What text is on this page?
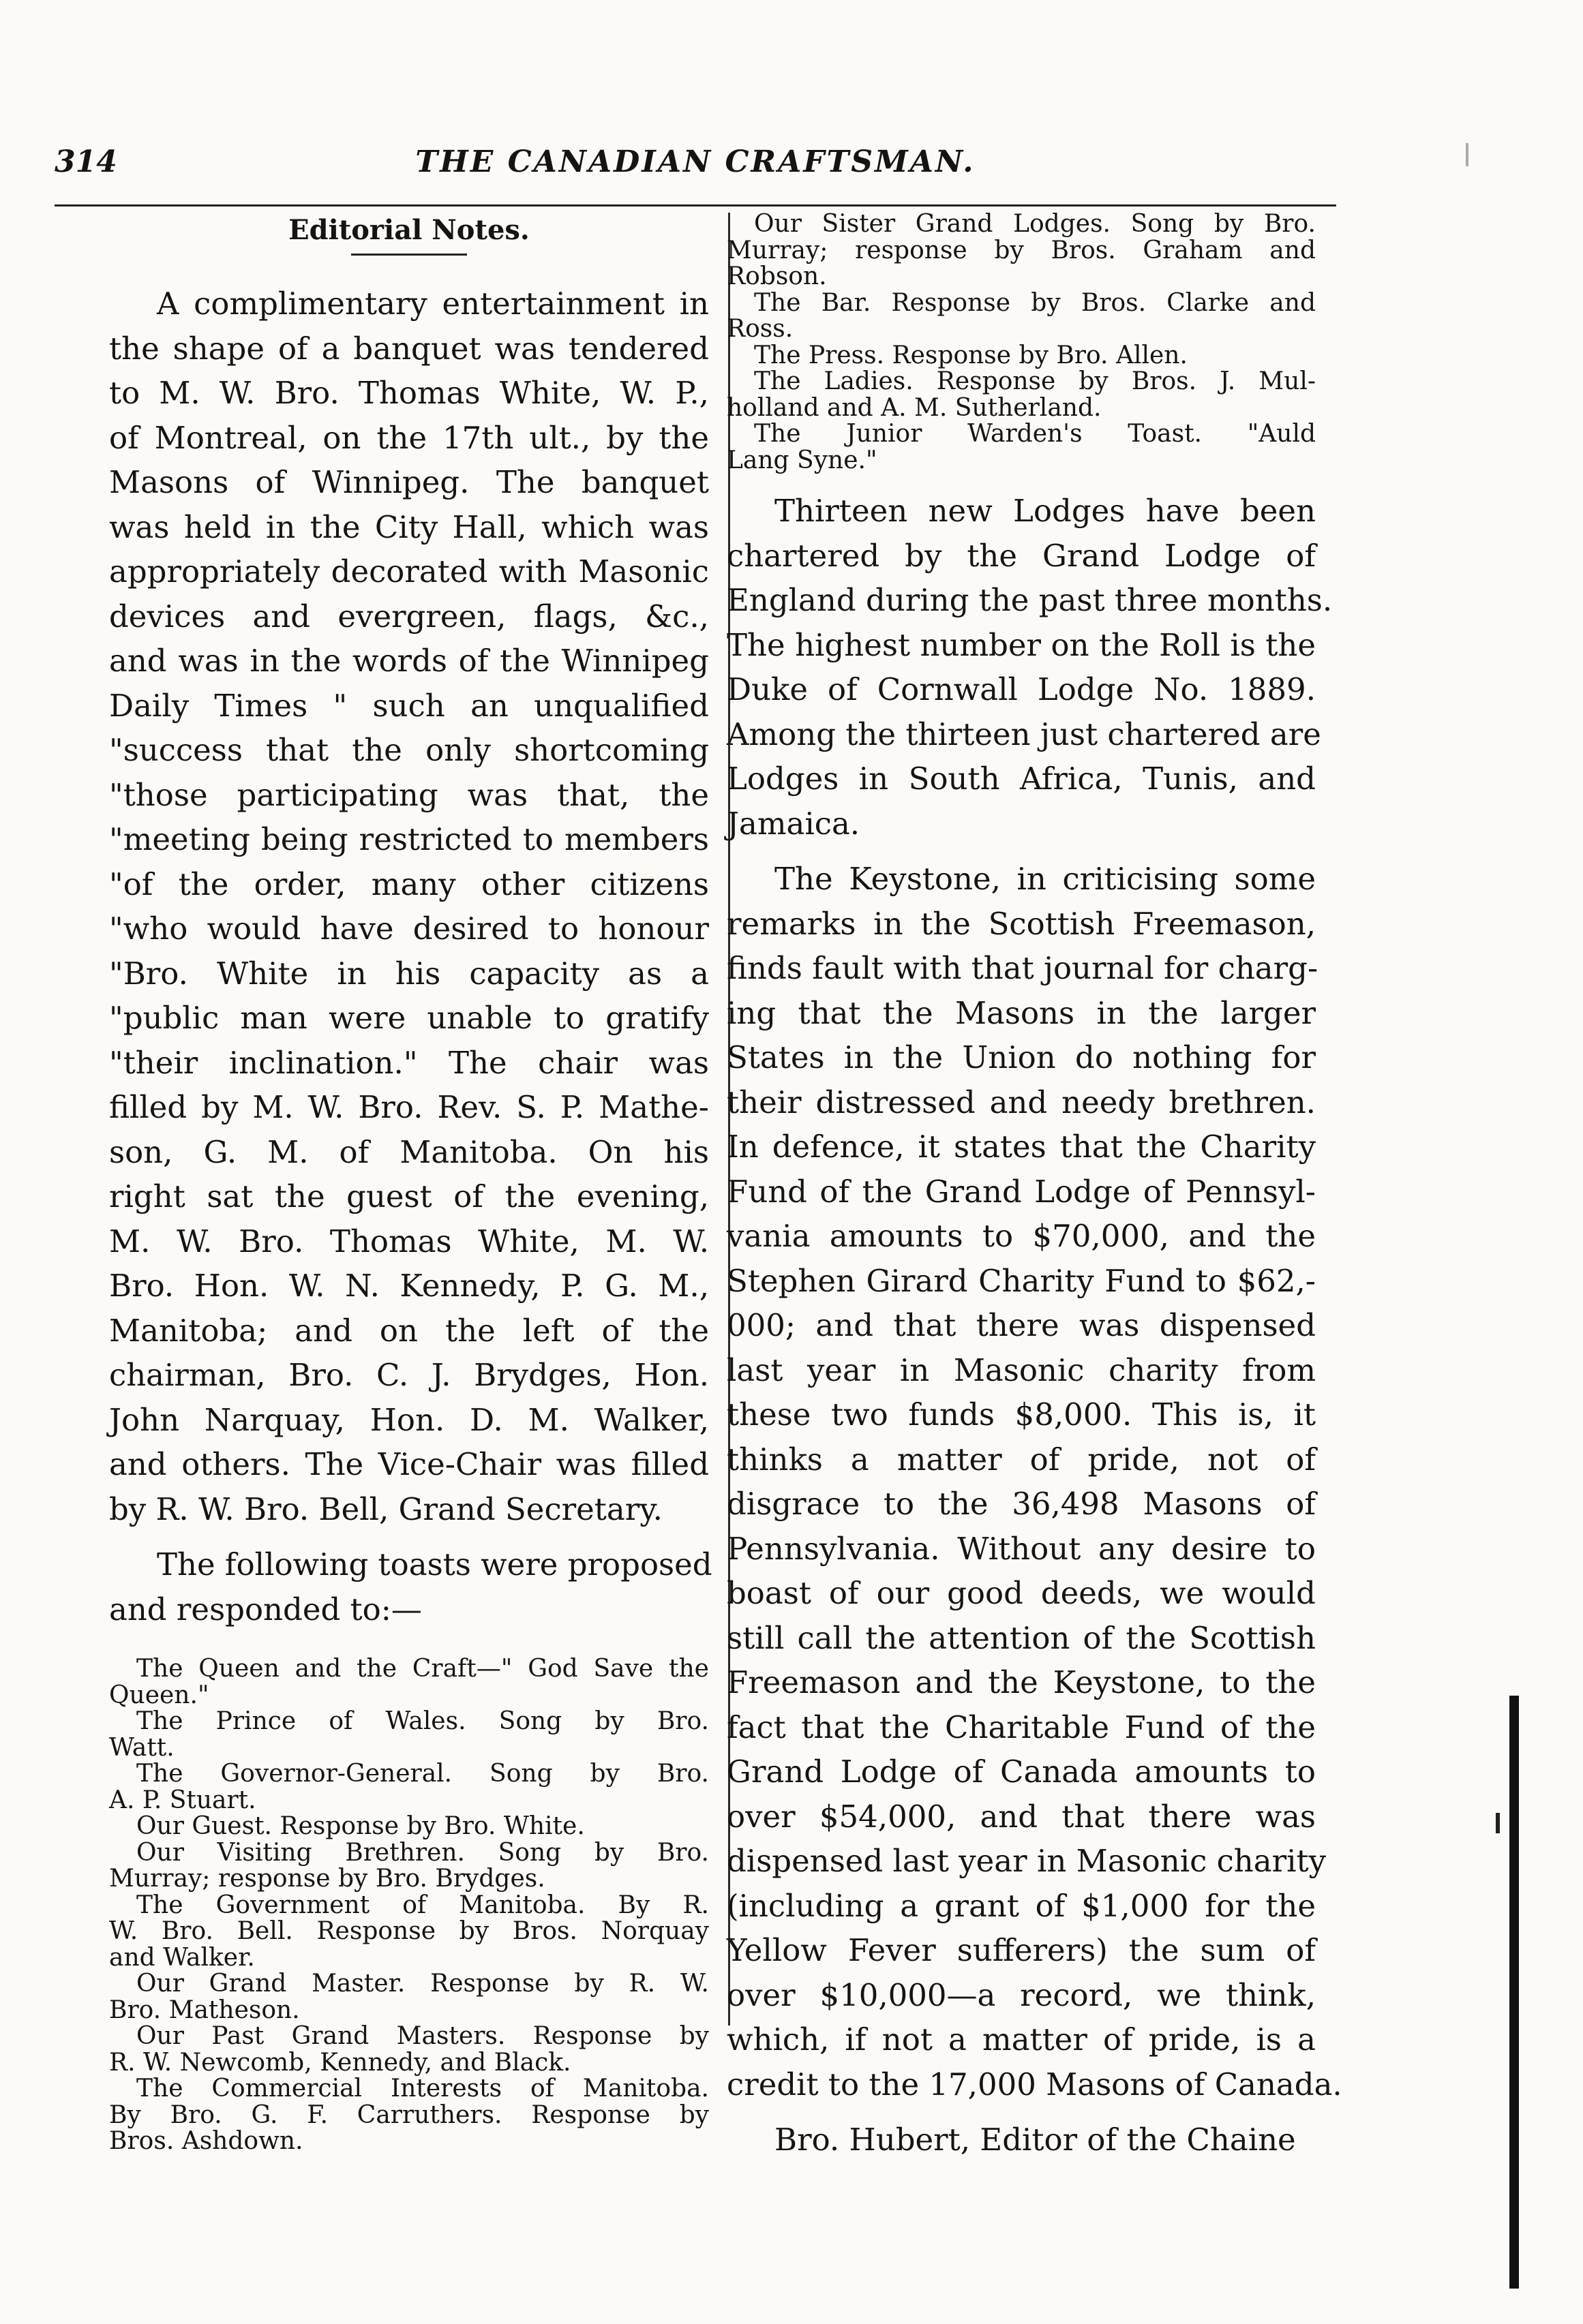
314	THE CANADIAN CRAFTSMAN.
Editorial Notes.
A complimentary entertainment in
the shape of a banquet was tendered
to M. W. Bro. Thomas White, W. P.,
of Montreal, on the 17th ult., by the
Masons of Winnipeg. The banquet
was held in the City Hall, which was
appropriately decorated with Masonic
devices and evergreen, flags, &c.,
and was in the words of the Winnipeg
Daily Times " such an unqualified
"success that the only shortcoming
"those participating was that, the
"meeting being restricted to members
"of the order, many other citizens
"who would have desired to honour
"Bro. White in his capacity as a
"public man were unable to gratify
"their inclination." The chair was
filled by M. W. Bro. Rev. S. P. Mathe-
son, G. M. of Manitoba. On his
right sat the guest of the evening,
M. W. Bro. Thomas White, M. W.
Bro. Hon. W. N. Kennedy, P. G. M.,
Manitoba; and on the left of the
chairman, Bro. C. J. Brydges, Hon.
John Narquay, Hon. D. M. Walker,
and others. The Vice-Chair was filled
by R. W. Bro. Bell, Grand Secretary.
The following toasts were proposed
and responded to:—
The Queen and the Craft—" God Save the
Queen."
The Prince of Wales. Song by Bro.
Watt.
The Governor-General. Song by Bro.
A. P. Stuart.
Our Guest. Response by Bro. White.
Our Visiting Brethren. Song by Bro.
Murray; response by Bro. Brydges.
The Government of Manitoba. By R.
W. Bro. Bell. Response by Bros. Norquay
and Walker.
Our Grand Master. Response by R. W.
Bro. Matheson.
Our Past Grand Masters. Response by
R. W. Newcomb, Kennedy, and Black.
The Commercial Interests of Manitoba.
By Bro. G. F. Carruthers. Response by
Bros. Ashdown.
Our Sister Grand Lodges. Song by Bro.
Murray; response by Bros. Graham and
Robson.
The Bar. Response by Bros. Clarke and
Ross.
The Press. Response by Bro. Allen.
The Ladies. Response by Bros. J. Mul-
holland and A. M. Sutherland.
The Junior Warden's Toast. "Auld
Lang Syne."
Thirteen new Lodges have been
chartered by the Grand Lodge of
England during the past three months.
The highest number on the Roll is the
Duke of Cornwall Lodge No. 1889.
Among the thirteen just chartered are
Lodges in South Africa, Tunis, and
Jamaica.
The Keystone, in criticising some
remarks in the Scottish Freemason,
finds fault with that journal for charg-
ing that the Masons in the larger
States in the Union do nothing for
their distressed and needy brethren.
In defence, it states that the Charity
Fund of the Grand Lodge of Pennsyl-
vania amounts to $70,000, and the
Stephen Girard Charity Fund to $62,-
000; and that there was dispensed
last year in Masonic charity from
these two funds $8,000. This is, it
thinks a matter of pride, not of
disgrace to the 36,498 Masons of
Pennsylvania. Without any desire to
boast of our good deeds, we would
still call the attention of the Scottish
Freemason and the Keystone, to the
fact that the Charitable Fund of the
Grand Lodge of Canada amounts to
over $54,000, and that there was
dispensed last year in Masonic charity
(including a grant of $1,000 for the
Yellow Fever sufferers) the sum of
over $10,000—a record, we think,
which, if not a matter of pride, is a
credit to the 17,000 Masons of Canada.
Bro. Hubert, Editor of the Chaine
